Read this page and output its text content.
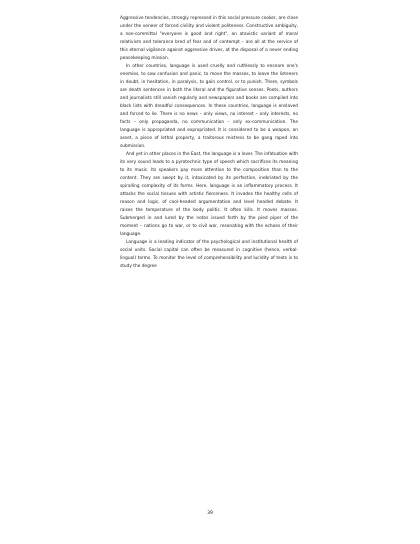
Aggressive tendencies, strongly repressed in this social pressure cooker, are close under the veneer of forced civility and violent politeness. Constructive ambiguity, a non-committal "everyone is good and right", an atavistic variant of moral relativism and tolerance bred of fear and of contempt – are all at the service of this eternal vigilance against aggressive drives, at the disposal of a never ending peacekeeping mission.

In other countries, language is used cruelly and ruthlessly to ensnare one's enemies, to sow confusion and panic, to move the masses, to leave the listeners in doubt, in hesitation, in paralysis, to gain control, or to punish. There, symbols are death sentences in both the literal and the figurative senses. Poets, authors and journalists still vanish regularly and newspapers and books are compiled into black lists with dreadful consequences. In these countries, language is enslaved and forced to lie. There is no news – only views, no interest – only interests, no facts – only propaganda, no communication – only ex-communication. The language is appropriated and expropriated. It is considered to be a weapon, an asset, a piece of lethal property, a traitorous mistress to be gang raped into submission.

And yet in other places in the East, the language is a lover. The infatuation with its very sound leads to a pyrotechnic type of speech which sacrifices its meaning to its music. Its speakers pay more attention to the composition than to the content. They are swept by it, intoxicated by its perfection, inebriated by the spiralling complexity of its forms. Here, language is an inflammatory process. It attacks the social tissues with artistic fierceness. It invades the healthy cells of reason and logic, of cool-headed argumentation and level headed debate. It raises the temperature of the body politic. It often kills. It moves masses. Submerged in and lured by the notes issued forth by the pied piper of the moment – nations go to war, or to civil war, resonating with the echoes of their language.

Language is a leading indicator of the psychological and institutional health of social units. Social capital can often be measured in cognitive (hence, verbal-lingual) terms. To monitor the level of comprehensibility and lucidity of texts is to study the degree

39
